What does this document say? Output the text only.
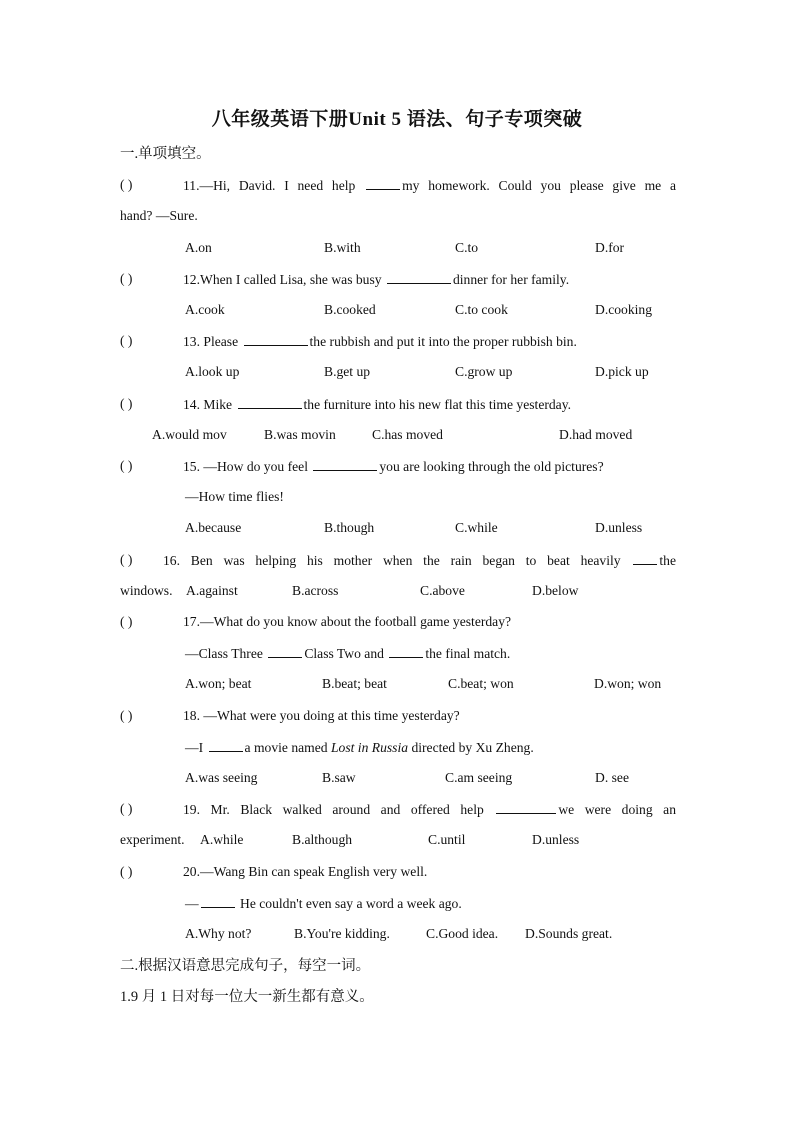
八年级英语下册Unit 5 语法、句子专项突破
一.单项填空。
( )	11.—Hi, David. I need help	my homework. Could you please give me a
hand? —Sure.
A.on	B.with	C.to	D.for
( )	12.When I called Lisa, she was busy	dinner for her family.
A.cook	B.cooked	C.to cook	D.cooking
( )	13. Please	the rubbish and put it into the proper rubbish bin.
A.look up	B.get up	C.grow up	D.pick up
( )	14. Mike	the furniture into his new flat this time yesterday.
A.would mov	B.was movin	C.has moved	D.had moved
( )	15. —How do you feel	you are looking through the old pictures?
—How time flies!
A.because	B.though	C.while	D.unless
( )	16. Ben was helping his mother when the rain began to beat heavily	the
windows. A.against	B.across	C.above	D.below
( )	17.—What do you know about the football game yesterday?
—Class Three	Class Two and	the final match.
A.won; beat	B.beat; beat	C.beat; won	D.won; won
( )	18. —What were you doing at this time yesterday?
—I	a movie named Lost in Russia directed by Xu Zheng.
A.was seeing	B.saw	C.am seeing	D. see
( )	19. Mr. Black walked around and offered help	we were doing an
experiment. A.while	B.although	C.until	D.unless
( )	20.—Wang Bin can speak English very well.
—	He couldn't even say a word a week ago.
A.Why not?	B.You're kidding.	C.Good idea. D.Sounds great.
二.根据汉语意思完成句子，每空一词。
1.9 月 1 日对每一位大一新生都有意义。
